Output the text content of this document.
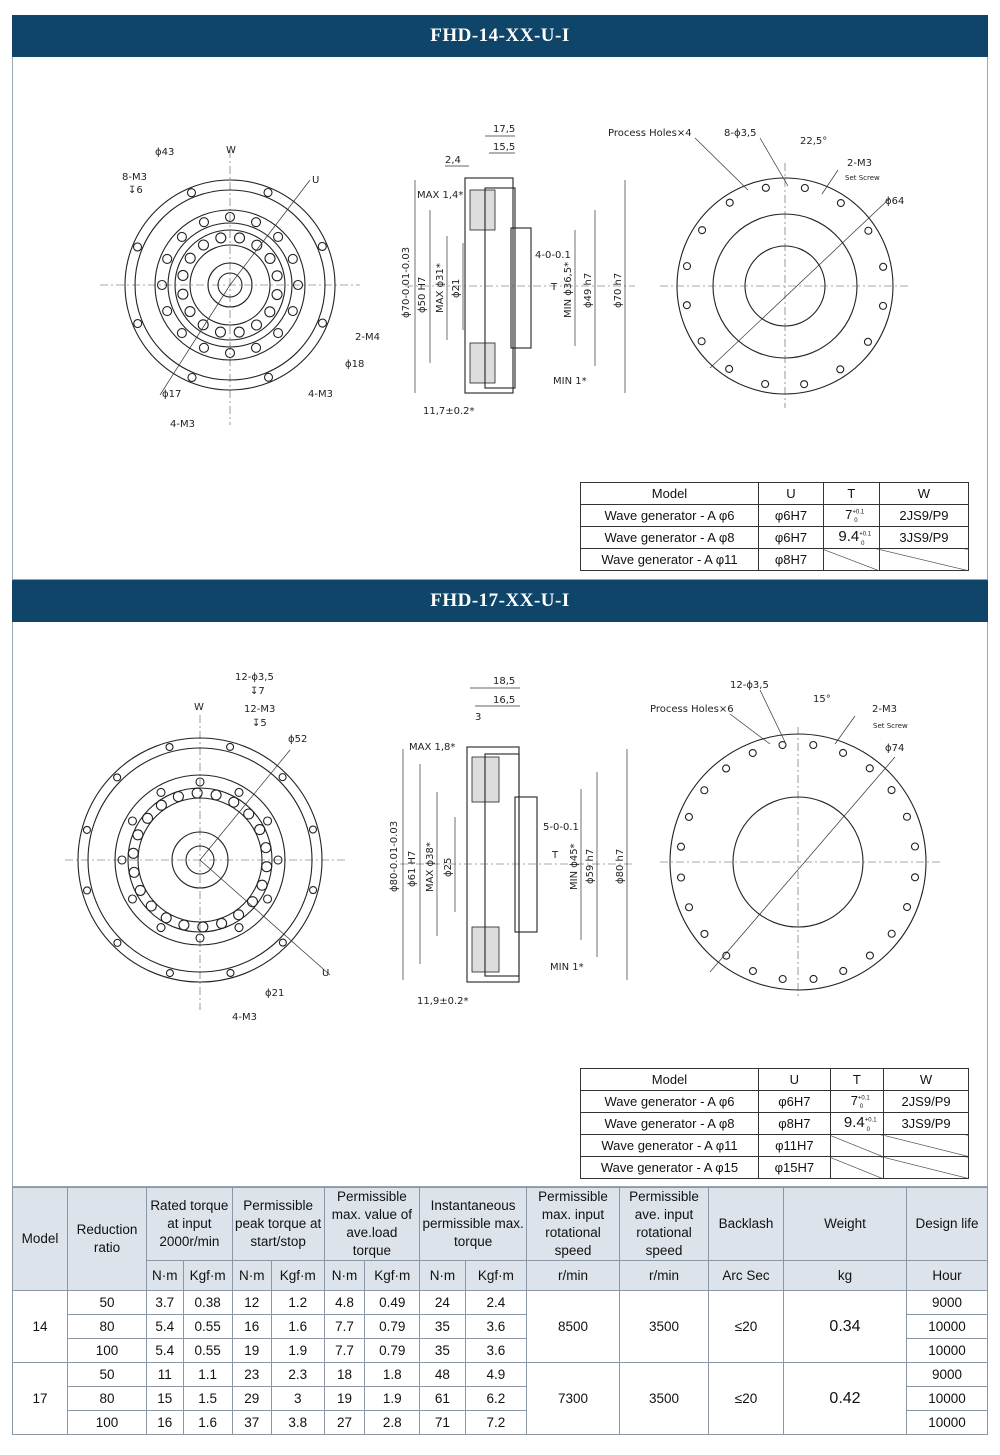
FHD-14-XX-U-I
ϕ43	W
8-M3
↧6
U
2-M4
ϕ18
ϕ17	4-M3
4-M3
17,5
15,5
2,4
MAX 1,4*
ϕ70-0.01-0.03 ϕ50 H7 MAX ϕ31* ϕ21
4-0-0.1
T MIN ϕ36,5* ϕ49 h7 ϕ70 h7
MIN 1*
11,7±0.2*
Process Holes×4	8-ϕ3,5
22,5°
2-M3
Set Screw
ϕ64
Model	U	T	W
Wave generator - A φ6	φ6H7	$7^{+0.1}_0$	2JS9/P9
Wave generator - A φ8	φ6H7	$9.4^{+0.1}_0$	3JS9/P9
Wave generator - A φ11	φ8H7		
FHD-17-XX-U-I
12-ϕ3,5
↧7
W	12-M3
↧5
ϕ52
U
ϕ21
4-M3
18,5
16,5
3
MAX 1,8*
ϕ80-0.01-0.03 ϕ61 H7 MAX ϕ38* ϕ25
5-0-0.1
T MIN ϕ45* ϕ59 h7 ϕ80 h7
MIN 1*
11,9±0.2*
Process Holes×6
12-ϕ3,5
15°
2-M3
Set Screw
ϕ74
Model	U	T	W
Wave generator - A φ6	φ6H7	$7^{+0.1}_0$	2JS9/P9
Wave generator - A φ8	φ8H7	$9.4^{+0.1}_0$	3JS9/P9
Wave generator - A φ11	φ11H7		
Wave generator - A φ15	φ15H7		
Model	Reduction ratio	Rated torque at input 2000r/min		Permissible peak torque at start/stop		Permissible max. value of ave.load torque		Instantaneous permissible max. torque		Permissible max. input rotational speed	Permissible ave. input rotational speed	Backlash	Weight	Design life
		N·m	Kgf·m	N·m	Kgf·m	N·m	Kgf·m	N·m	Kgf·m	r/min	r/min	Arc Sec	kg	Hour
14	50	3.7	0.38	12	1.2	4.8	0.49	24	2.4	8500	3500	≤20	0.34	9000
	80	5.4	0.55	16	1.6	7.7	0.79	35	3.6					10000
	100	5.4	0.55	19	1.9	7.7	0.79	35	3.6					10000
17	50	11	1.1	23	2.3	18	1.8	48	4.9	7300	3500	≤20	0.42	9000
	80	15	1.5	29	3	19	1.9	61	6.2					10000
	100	16	1.6	37	3.8	27	2.8	71	7.2					10000
